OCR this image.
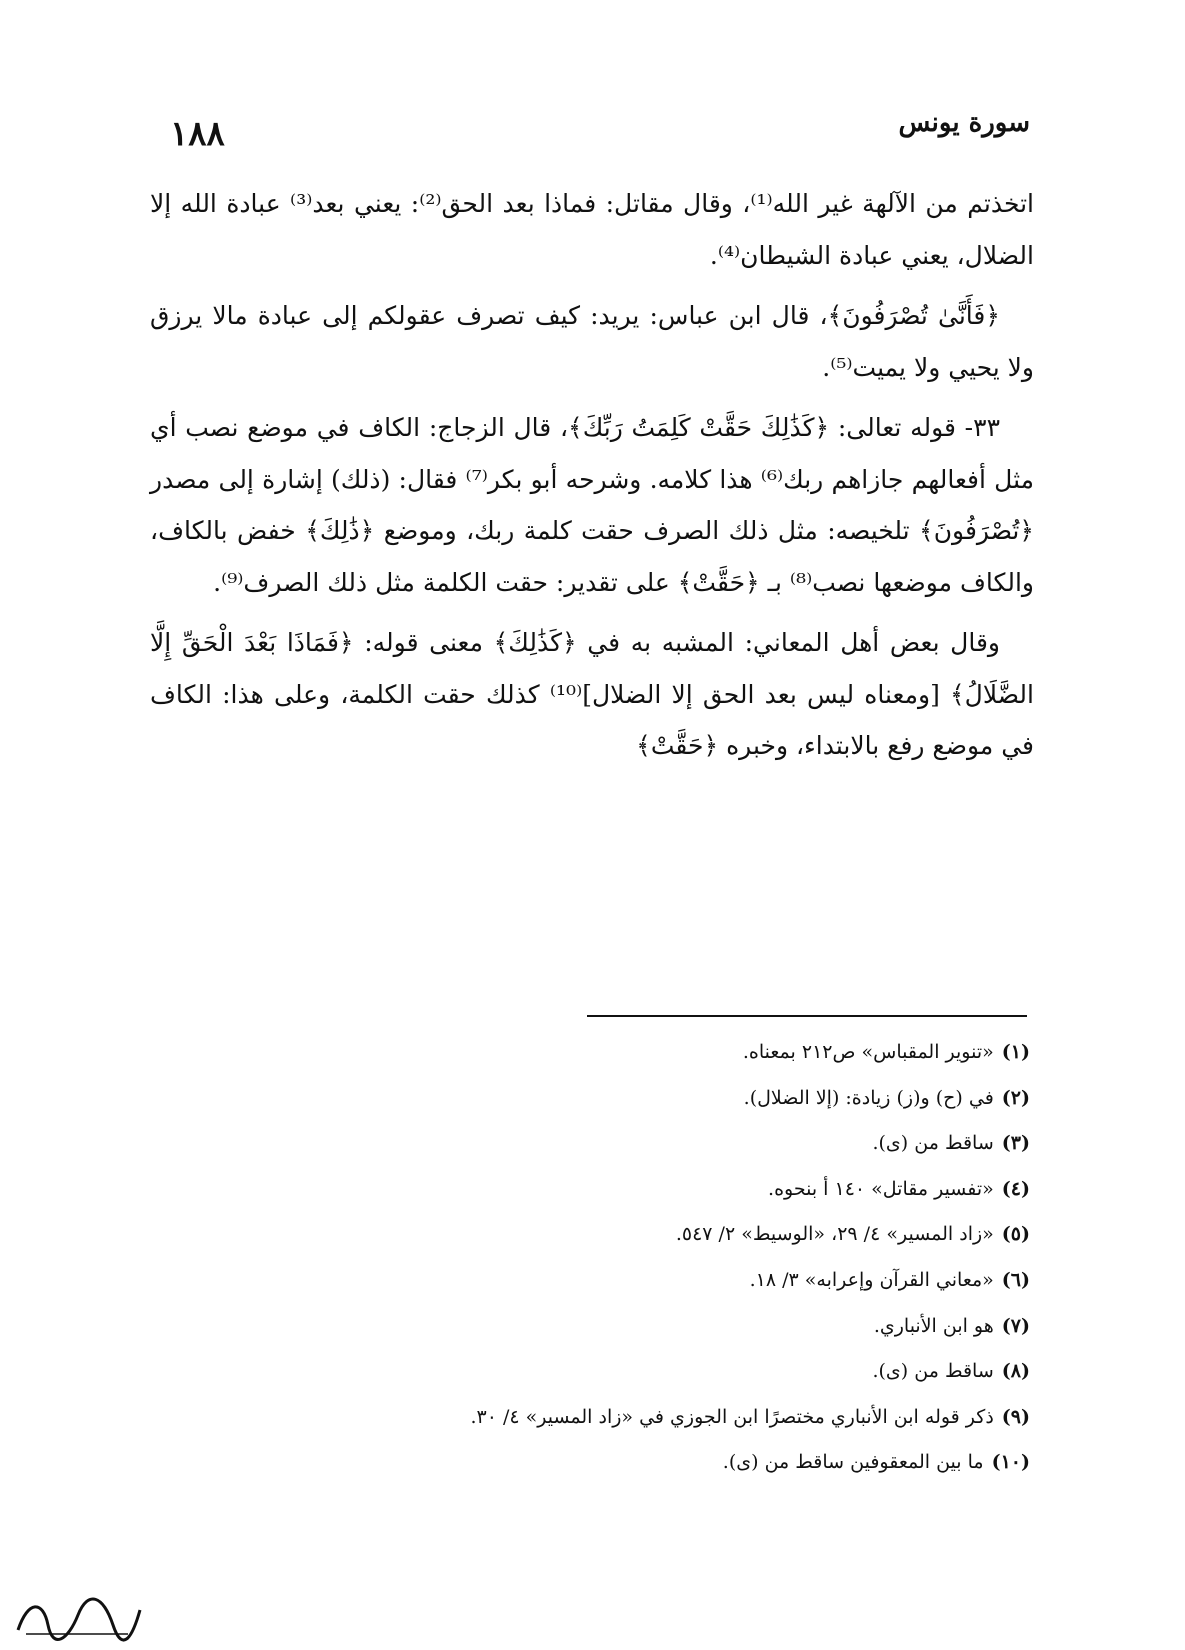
سورة يونس
١٨٨

اتخذتم من الآلهة غير الله⁽¹⁾، وقال مقاتل: فماذا بعد الحق⁽²⁾: يعني بعد⁽³⁾ عبادة الله إلا الضلال، يعني عبادة الشيطان⁽⁴⁾.

﴿فَأَنَّىٰ تُصْرَفُونَ﴾، قال ابن عباس: يريد: كيف تصرف عقولكم إلى عبادة مالا يرزق ولا يحيي ولا يميت⁽⁵⁾.

٣٣- قوله تعالى: ﴿كَذَٰلِكَ حَقَّتْ كَلِمَتُ رَبِّكَ﴾، قال الزجاج: الكاف في موضع نصب أي مثل أفعالهم جازاهم ربك⁽⁶⁾ هذا كلامه. وشرحه أبو بكر⁽⁷⁾ فقال: (ذلك) إشارة إلى مصدر ﴿تُصْرَفُونَ﴾ تلخيصه: مثل ذلك الصرف حقت كلمة ربك، وموضع ﴿ذَٰلِكَ﴾ خفض بالكاف، والكاف موضعها نصب⁽⁸⁾ بـ ﴿حَقَّتْ﴾ على تقدير: حقت الكلمة مثل ذلك الصرف⁽⁹⁾.

وقال بعض أهل المعاني: المشبه به في ﴿كَذَٰلِكَ﴾ معنى قوله: ﴿فَمَاذَا بَعْدَ الْحَقِّ إِلَّا الضَّلَالُ﴾ [ومعناه ليس بعد الحق إلا الضلال]⁽¹⁰⁾ كذلك حقت الكلمة، وعلى هذا: الكاف في موضع رفع بالابتداء، وخبره ﴿حَقَّتْ﴾

(١)«تنوير المقباس» ص٢١٢ بمعناه.
(٢)في (ح) و(ز) زيادة: (إلا الضلال).
(٣)ساقط من (ى).
(٤)«تفسير مقاتل» ١٤٠ أ بنحوه.
(٥)«زاد المسير» ٤/ ٢٩، «الوسيط» ٢/ ٥٤٧.
(٦)«معاني القرآن وإعرابه» ٣/ ١٨.
(٧)هو ابن الأنباري.
(٨)ساقط من (ى).
(٩)ذكر قوله ابن الأنباري مختصرًا ابن الجوزي في «زاد المسير» ٤/ ٣٠.
(١٠)ما بين المعقوفين ساقط من (ى).
